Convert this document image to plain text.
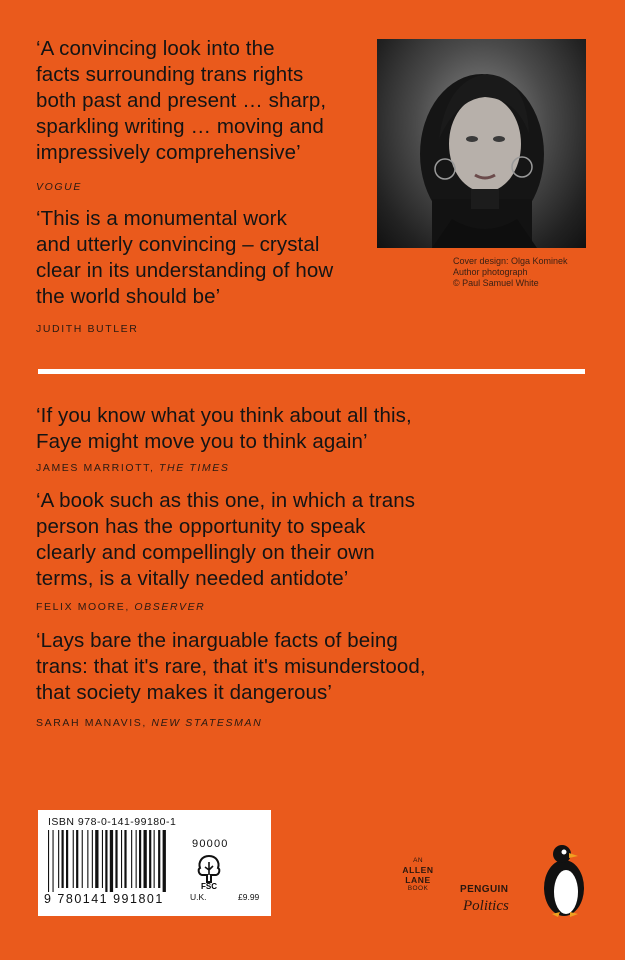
Cover design: Olga Kominek
Author photograph
© Paul Samuel White
‘A convincing look into the
facts surrounding trans rights
both past and present … sharp,
sparkling writing … moving and
impressively comprehensive’
VOGUE
‘This is a monumental work
and utterly convincing – crystal
clear in its understanding of how
the world should be’
JUDITH BUTLER
‘If you know what you think about all this,
Faye might move you to think again’
JAMES MARRIOTT, THE TIMES
‘A book such as this one, in which a trans
person has the opportunity to speak
clearly and compellingly on their own
terms, is a vitally needed antidote’
FELIX MOORE, OBSERVER
‘Lays bare the inarguable facts of being
trans: that it's rare, that it's misunderstood,
that society makes it dangerous’
SARAH MANAVIS, NEW STATESMAN
ISBN 978-0-141-99180-1
9 780141 991801
90000
FSC
U.K.	£9.99
AN
ALLEN
LANE
BOOK	PENGUIN
Politics
